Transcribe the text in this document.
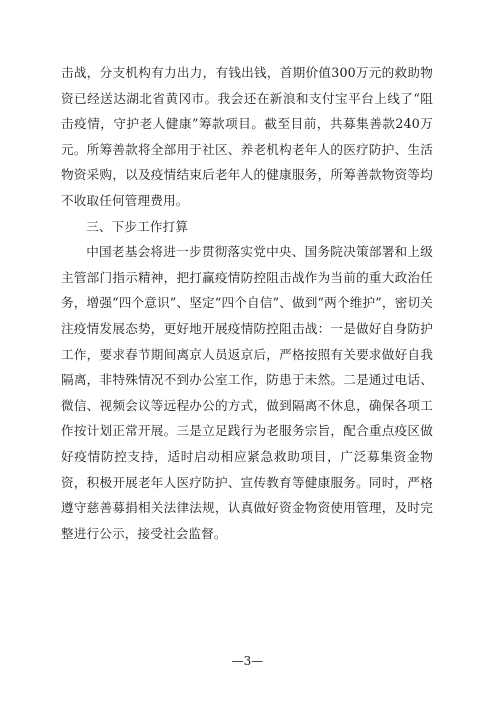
击战，分支机构有力出力，有钱出钱，首期价值300万元的救助物资已经送达湖北省黄冈市。我会还在新浪和支付宝平台上线了“阻击疫情，守护老人健康”筹款项目。截至目前，共募集善款240万元。所筹善款将全部用于社区、养老机构老年人的医疗防护、生活物资采购，以及疫情结束后老年人的健康服务，所筹善款物资等均不收取任何管理费用。

三、下步工作打算

中国老基会将进一步贯彻落实党中央、国务院决策部署和上级主管部门指示精神，把打赢疫情防控阻击战作为当前的重大政治任务，增强“四个意识”、坚定“四个自信”、做到“两个维护”，密切关注疫情发展态势，更好地开展疫情防控阻击战：一是做好自身防护工作，要求春节期间离京人员返京后，严格按照有关要求做好自我隔离，非特殊情况不到办公室工作，防患于未然。二是通过电话、微信、视频会议等远程办公的方式，做到隔离不休息，确保各项工作按计划正常开展。三是立足践行为老服务宗旨，配合重点疫区做好疫情防控支持，适时启动相应紧急救助项目，广泛募集资金物资，积极开展老年人医疗防护、宣传教育等健康服务。同时，严格遵守慈善募捐相关法律法规，认真做好资金物资使用管理，及时完整进行公示，接受社会监督。

—3—
